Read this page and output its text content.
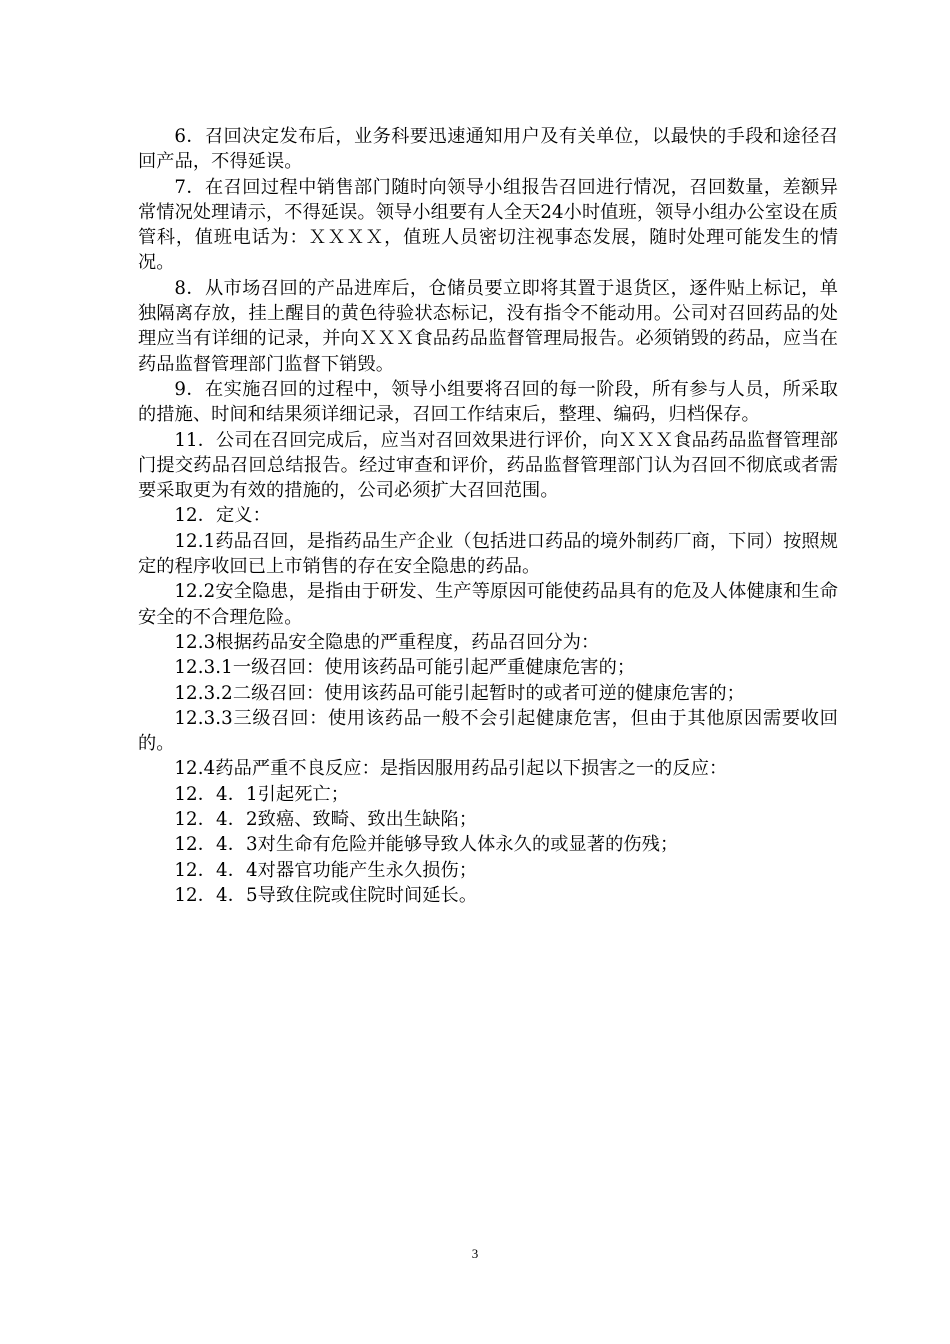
6．召回决定发布后，业务科要迅速通知用户及有关单位，以最快的手段和途径召回产品，不得延误。

7．在召回过程中销售部门随时向领导小组报告召回进行情况，召回数量，差额异常情况处理请示，不得延误。领导小组要有人全天24小时值班，领导小组办公室设在质管科，值班电话为：ＸＸＸＸ，值班人员密切注视事态发展，随时处理可能发生的情况。

8．从市场召回的产品进库后，仓储员要立即将其置于退货区，逐件贴上标记，单独隔离存放，挂上醒目的黄色待验状态标记，没有指令不能动用。公司对召回药品的处理应当有详细的记录，并向ＸＸＸ食品药品监督管理局报告。必须销毁的药品，应当在药品监督管理部门监督下销毁。

9．在实施召回的过程中，领导小组要将召回的每一阶段，所有参与人员，所采取的措施、时间和结果须详细记录，召回工作结束后，整理、编码，归档保存。

11．公司在召回完成后，应当对召回效果进行评价，向ＸＸＸ食品药品监督管理部门提交药品召回总结报告。经过审查和评价，药品监督管理部门认为召回不彻底或者需要采取更为有效的措施的，公司必须扩大召回范围。

12．定义：

12.1药品召回，是指药品生产企业（包括进口药品的境外制药厂商，下同）按照规定的程序收回已上市销售的存在安全隐患的药品。

12.2安全隐患，是指由于研发、生产等原因可能使药品具有的危及人体健康和生命安全的不合理危险。

12.3根据药品安全隐患的严重程度，药品召回分为：

12.3.1一级召回：使用该药品可能引起严重健康危害的；

12.3.2二级召回：使用该药品可能引起暂时的或者可逆的健康危害的；

12.3.3三级召回：使用该药品一般不会引起健康危害，但由于其他原因需要收回的。

12.4药品严重不良反应：是指因服用药品引起以下损害之一的反应：

12．4．1引起死亡；

12．4．2致癌、致畸、致出生缺陷；

12．4．3对生命有危险并能够导致人体永久的或显著的伤残；

12．4．4对器官功能产生永久损伤；

12．4．5导致住院或住院时间延长。

3
